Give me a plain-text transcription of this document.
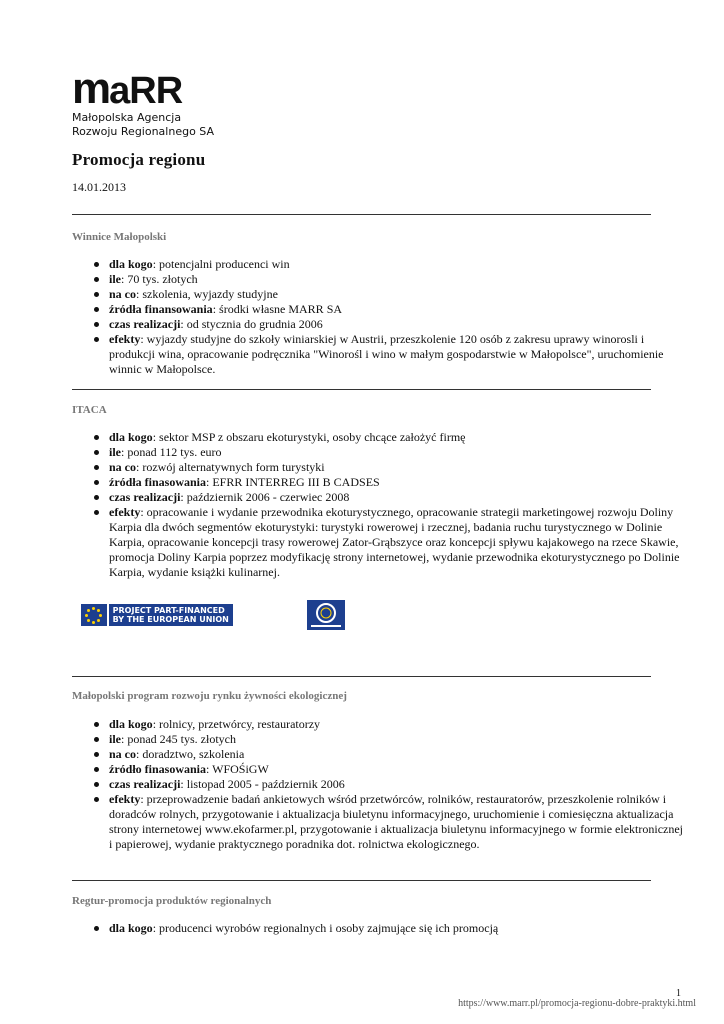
maRR
Małopolska Agencja
Rozwoju Regionalnego SA
Promocja regionu
14.01.2013
Winnice Małopolski
dla kogo: potencjalni producenci win
ile: 70 tys. złotych
na co: szkolenia, wyjazdy studyjne
źródła finansowania: środki własne MARR SA
czas realizacji: od stycznia do grudnia 2006
efekty: wyjazdy studyjne do szkoły winiarskiej w Austrii, przeszkolenie 120 osób z zakresu uprawy winorosli i produkcji wina, opracowanie podręcznika "Winorośl i wino w małym gospodarstwie w Małopolsce", uruchomienie winnic w Małopolsce.
ITACA
dla kogo: sektor MSP z obszaru ekoturystyki, osoby chcące założyć firmę
ile: ponad 112 tys. euro
na co: rozwój alternatywnych form turystyki
źródła finasowania: EFRR INTERREG III B CADSES
czas realizacji: październik 2006 - czerwiec 2008
efekty: opracowanie i wydanie przewodnika ekoturystycznego, opracowanie strategii marketingowej rozwoju Doliny Karpia dla dwóch segmentów ekoturystyki: turystyki rowerowej i rzecznej, badania ruchu turystycznego w Dolinie Karpia, opracowanie koncepcji trasy rowerowej Zator-Grąbszyce oraz koncepcji spływu kajakowego na rzece Skawie, promocja Doliny Karpia poprzez modyfikację strony internetowej, wydanie przewodnika ekoturystycznego po Dolinie Karpia, wydanie książki kulinarnej.
PROJECT PART-FINANCED BY THE EUROPEAN UNION
Małopolski program rozwoju rynku żywności ekologicznej
dla kogo: rolnicy, przetwórcy, restauratorzy
ile: ponad 245 tys. złotych
na co: doradztwo, szkolenia
źródło finasowania: WFOŚiGW
czas realizacji: listopad 2005 - październik 2006
efekty: przeprowadzenie badań ankietowych wśród przetwórców, rolników, restauratorów, przeszkolenie rolników i doradców rolnych, przygotowanie i aktualizacja biuletynu informacyjnego, uruchomienie i comiesięczna aktualizacja strony internetowej www.ekofarmer.pl, przygotowanie i aktualizacja biuletynu informacyjnego w formie elektronicznej i papierowej, wydanie praktycznego poradnika dot. rolnictwa ekologicznego.
Regtur-promocja produktów regionalnych
dla kogo: producenci wyrobów regionalnych i osoby zajmujące się ich promocją
1
https://www.marr.pl/promocja-regionu-dobre-praktyki.html
